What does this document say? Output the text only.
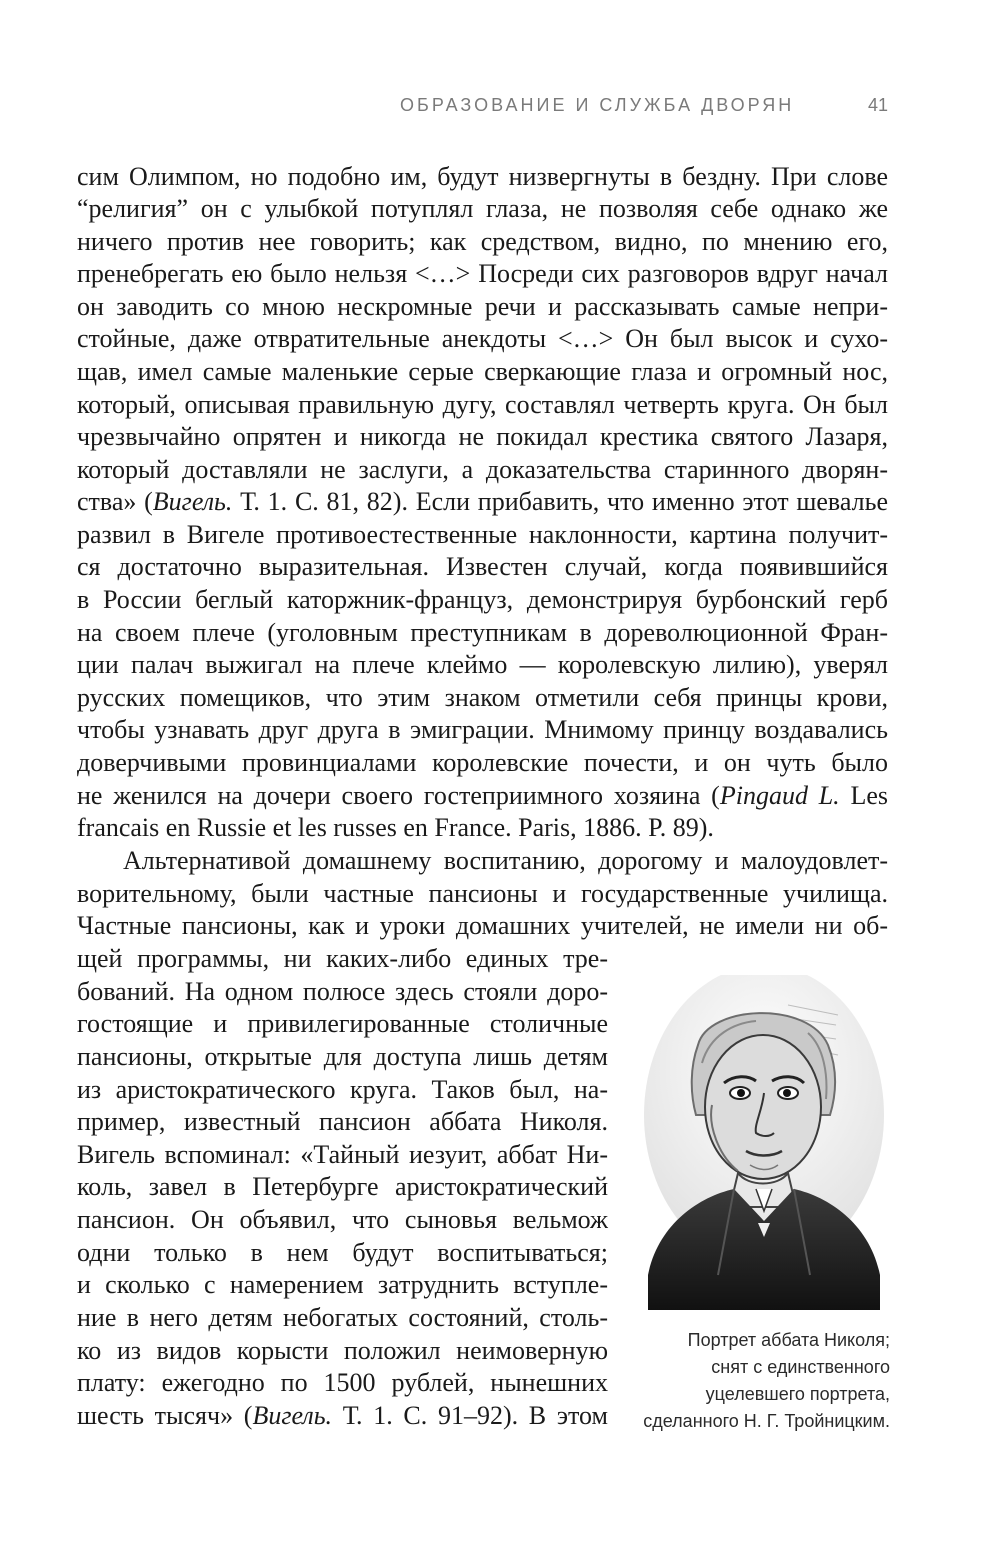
ОБРАЗОВАНИЕ И СЛУЖБА ДВОРЯН	41
сим Олимпом, но подобно им, будут низвергнуты в бездну. При слове
“религия” он с улыбкой потуплял глаза, не позволяя себе однако же
ничего против нее говорить; как средством, видно, по мнению его,
пренебрегать ею было нельзя <…> Посреди сих разговоров вдруг начал
он заводить со мною нескромные речи и рассказывать самые непри-
стойные, даже отвратительные анекдоты <…> Он был высок и сухо-
щав, имел самые маленькие серые сверкающие глаза и огромный нос,
который, описывая правильную дугу, составлял четверть круга. Он был
чрезвычайно опрятен и никогда не покидал крестика святого Лазаря,
который доставляли не заслуги, а доказательства старинного дворян-
ства» (Вигель. Т. 1. С. 81, 82). Если прибавить, что именно этот шевалье
развил в Вигеле противоестественные наклонности, картина получит-
ся достаточно выразительная. Известен случай, когда появившийся
в России беглый каторжник-француз, демонстрируя бурбонский герб
на своем плече (уголовным преступникам в дореволюционной Фран-
ции палач выжигал на плече клеймо — королевскую лилию), уверял
русских помещиков, что этим знаком отметили себя принцы крови,
чтобы узнавать друг друга в эмиграции. Мнимому принцу воздавались
доверчивыми провинциалами королевские почести, и он чуть было
не женился на дочери своего гостеприимного хозяина (Pingaud L. Les
francais en Russie et les russes en France. Paris, 1886. P. 89).
Альтернативой домашнему воспитанию, дорогому и малоудовлет-
ворительному, были частные пансионы и государственные училища.
Частные пансионы, как и уроки домашних учителей, не имели ни об-
щей программы, ни каких-либо единых тре-
бований. На одном полюсе здесь стояли доро-
гостоящие и привилегированные столичные
пансионы, открытые для доступа лишь детям
из аристократического круга. Таков был, на-
пример, известный пансион аббата Николя.
Вигель вспоминал: «Тайный иезуит, аббат Ни-
коль, завел в Петербурге аристократический
пансион. Он объявил, что сыновья вельмож
одни только в нем будут воспитываться;
и сколько с намерением затруднить вступле-
ние в него детям небогатых состояний, столь-
ко из видов корысти положил неимоверную
плату: ежегодно по 1500 рублей, нынешних
шесть тысяч» (Вигель. Т. 1. С. 91–92). В этом
Портрет аббата Николя;
снят с единственного
уцелевшего портрета,
сделанного Н. Г. Тройницким.
